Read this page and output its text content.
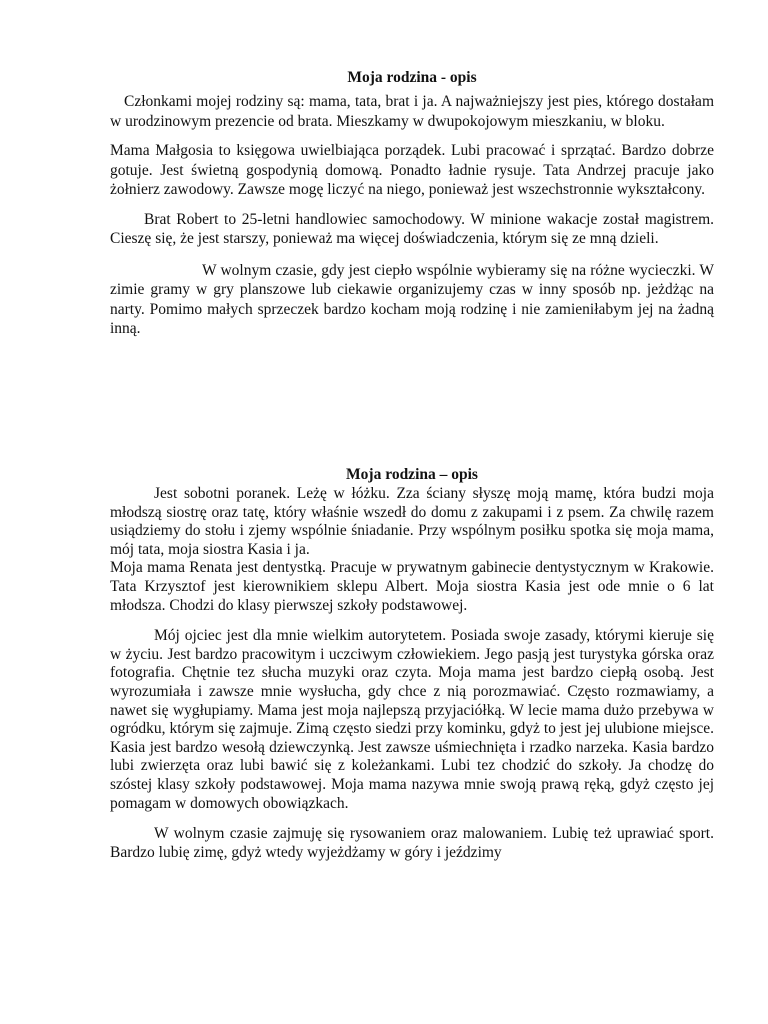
Moja rodzina - opis

Członkami mojej rodziny są: mama, tata, brat i ja. A najważniejszy jest pies, którego dostałam w urodzinowym prezencie od brata. Mieszkamy w dwupokojowym mieszkaniu, w bloku.

Mama Małgosia to księgowa uwielbiająca porządek. Lubi pracować i sprzątać. Bardzo dobrze gotuje. Jest świetną gospodynią domową. Ponadto ładnie rysuje. Tata Andrzej pracuje jako żołnierz zawodowy. Zawsze mogę liczyć na niego, ponieważ jest wszechstronnie wykształcony.

Brat Robert to 25-letni handlowiec samochodowy. W minione wakacje został magistrem. Cieszę się, że jest starszy, ponieważ ma więcej doświadczenia, którym się ze mną dzieli.

W wolnym czasie, gdy jest ciepło wspólnie wybieramy się na różne wycieczki. W zimie gramy w gry planszowe lub ciekawie organizujemy czas w inny sposób np. jeżdżąc na narty. Pomimo małych sprzeczek bardzo kocham moją rodzinę i nie zamieniłabym jej na żadną inną.

Moja rodzina – opis

Jest sobotni poranek. Leżę w łóżku. Zza ściany słyszę moją mamę, która budzi moja młodszą siostrę oraz tatę, który właśnie wszedł do domu z zakupami i z psem. Za chwilę razem usiądziemy do stołu i zjemy wspólnie śniadanie. Przy wspólnym posiłku spotka się moja mama, mój tata, moja siostra Kasia i ja.

Moja mama Renata jest dentystką. Pracuje w prywatnym gabinecie dentystycznym w Krakowie. Tata Krzysztof jest kierownikiem sklepu Albert. Moja siostra Kasia jest ode mnie o 6 lat młodsza. Chodzi do klasy pierwszej szkoły podstawowej.

Mój ojciec jest dla mnie wielkim autorytetem. Posiada swoje zasady, którymi kieruje się w życiu. Jest bardzo pracowitym i uczciwym człowiekiem. Jego pasją jest turystyka górska oraz fotografia. Chętnie tez słucha muzyki oraz czyta. Moja mama jest bardzo ciepłą osobą. Jest wyrozumiała i zawsze mnie wysłucha, gdy chce z nią porozmawiać. Często rozmawiamy, a nawet się wygłupiamy. Mama jest moja najlepszą przyjaciółką. W lecie mama dużo przebywa w ogródku, którym się zajmuje. Zimą często siedzi przy kominku, gdyż to jest jej ulubione miejsce. Kasia jest bardzo wesołą dziewczynką. Jest zawsze uśmiechnięta i rzadko narzeka. Kasia bardzo lubi zwierzęta oraz lubi bawić się z koleżankami. Lubi tez chodzić do szkoły. Ja chodzę do szóstej klasy szkoły podstawowej. Moja mama nazywa mnie swoją prawą ręką, gdyż często jej pomagam w domowych obowiązkach.

W wolnym czasie zajmuję się rysowaniem oraz malowaniem. Lubię też uprawiać sport. Bardzo lubię zimę, gdyż wtedy wyjeżdżamy w góry i jeździmy
